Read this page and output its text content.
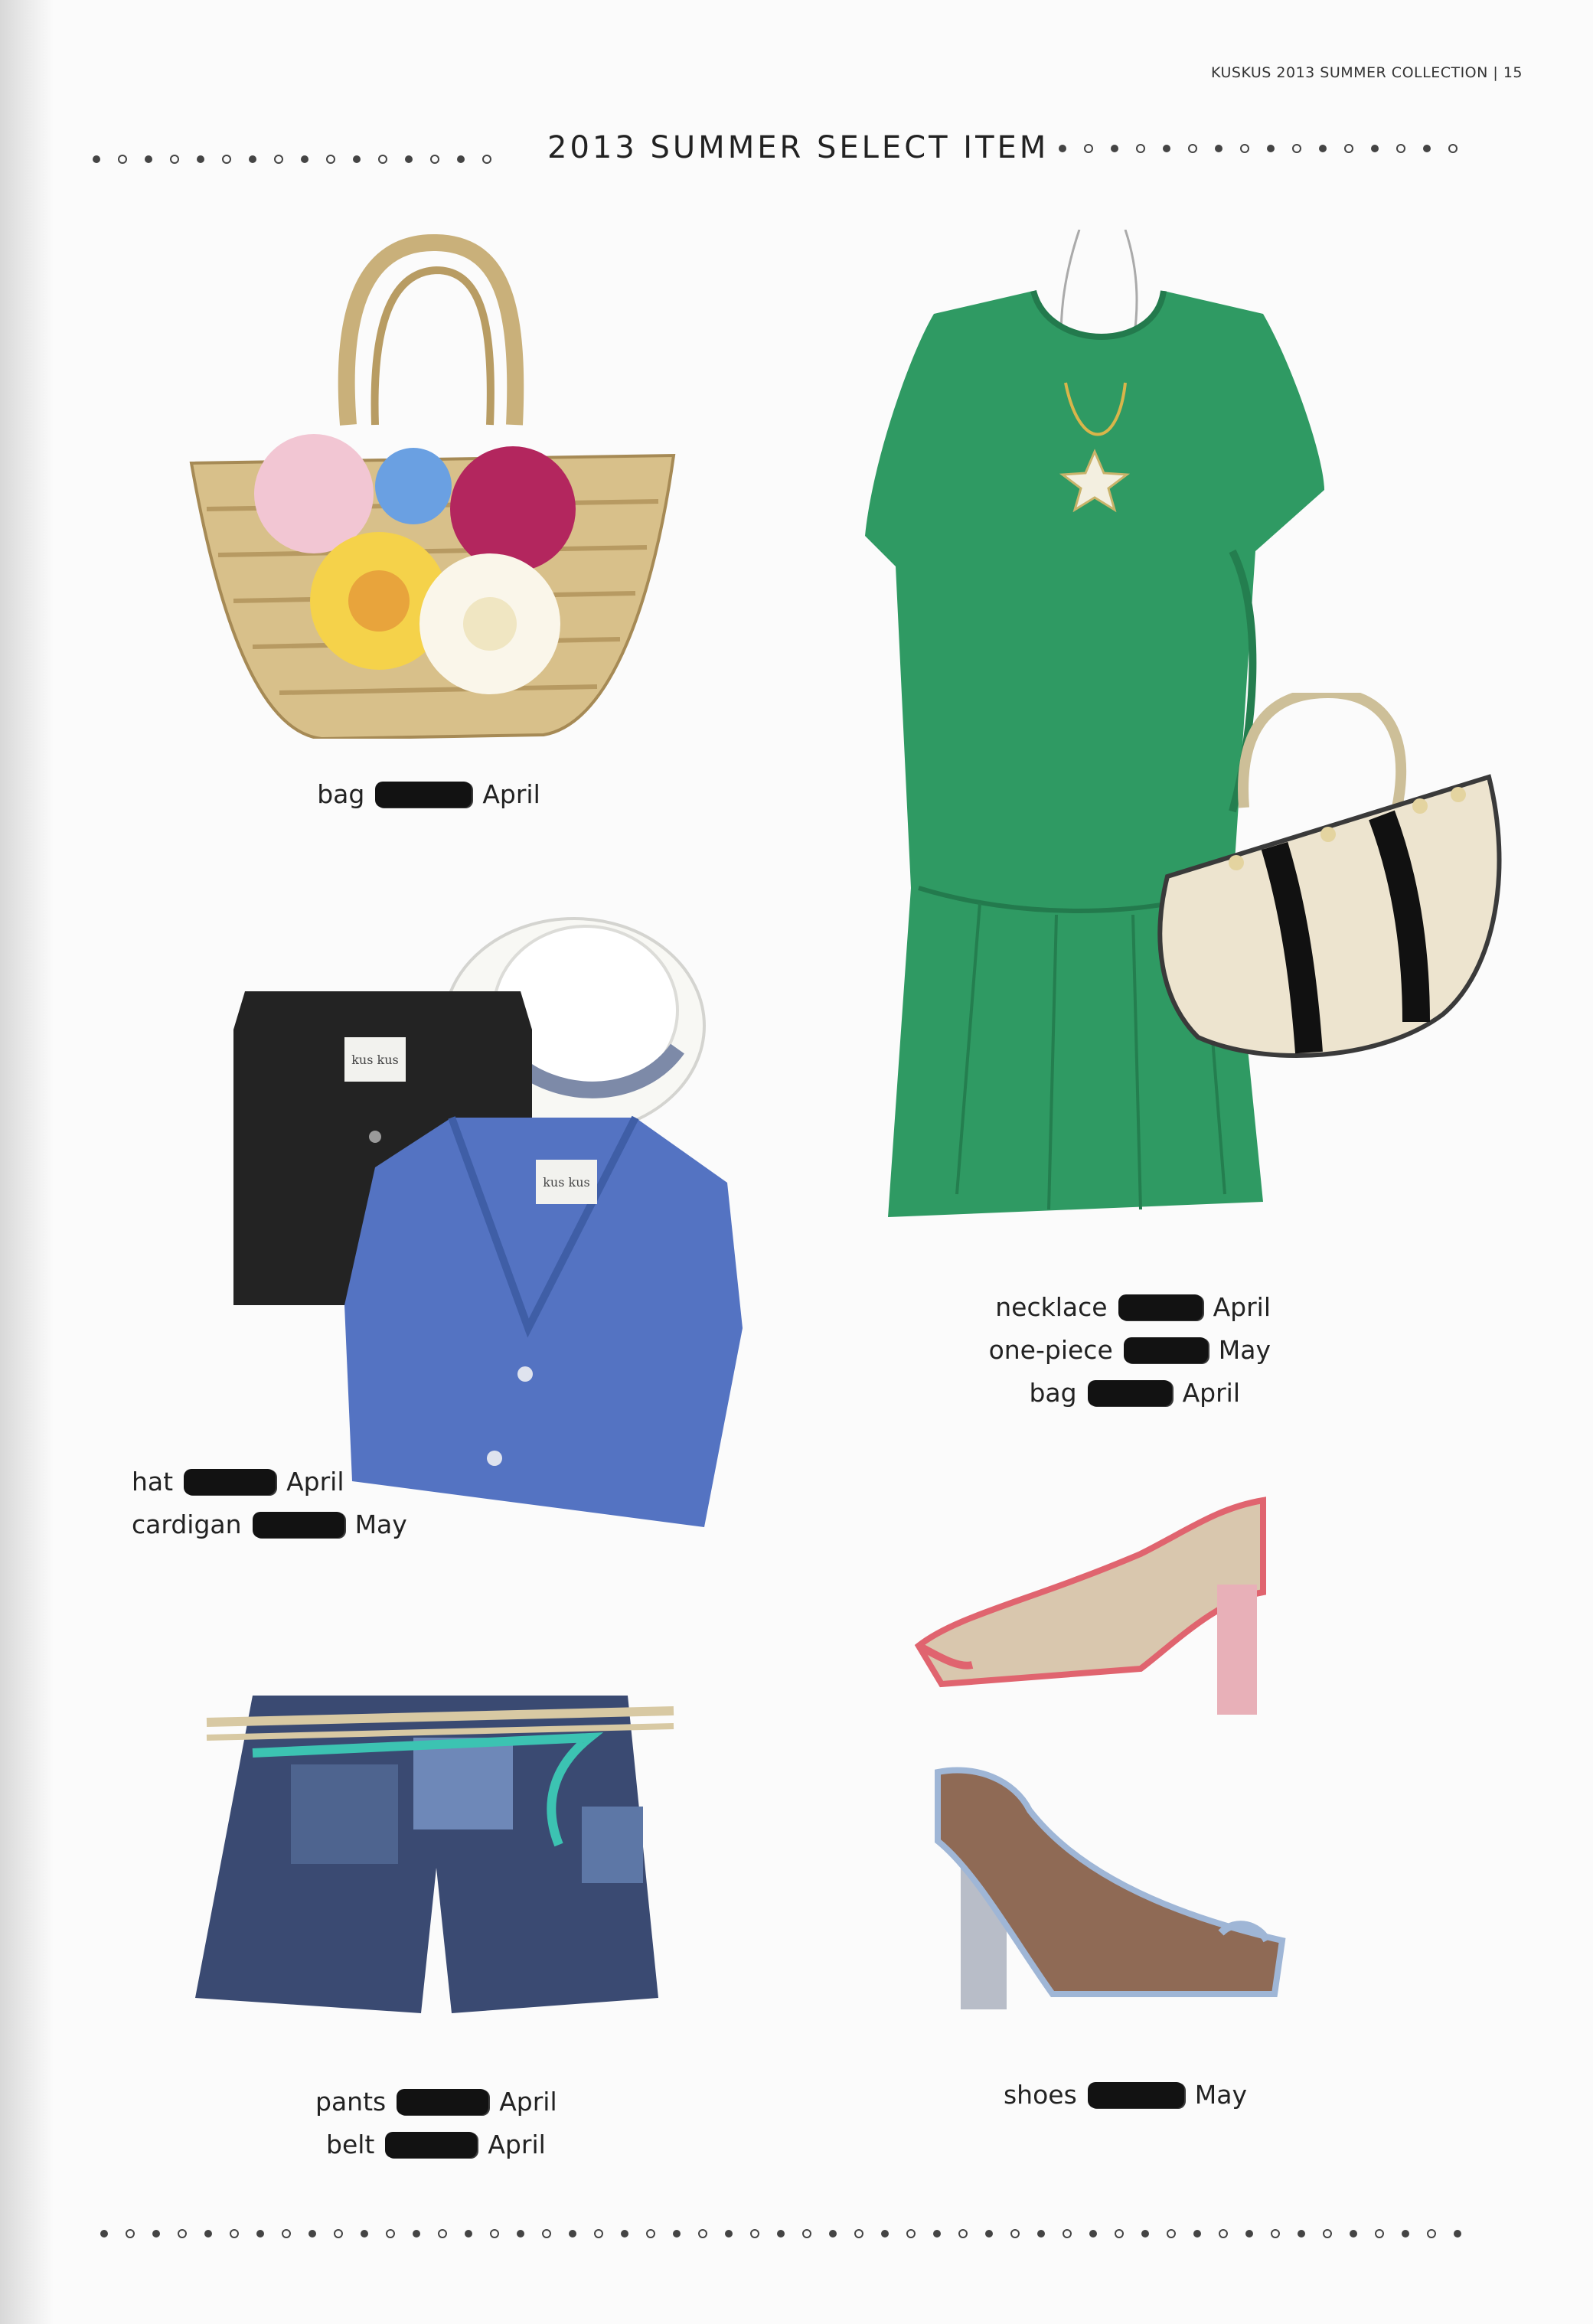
KUSKUS 2013 SUMMER COLLECTION | 15
2013 SUMMER SELECT ITEM
bag	April
necklace	April
one-piece	May
bag	April
kus kus
kus kus
hat	April
cardigan	May
pants	April
belt	April
shoes	May
